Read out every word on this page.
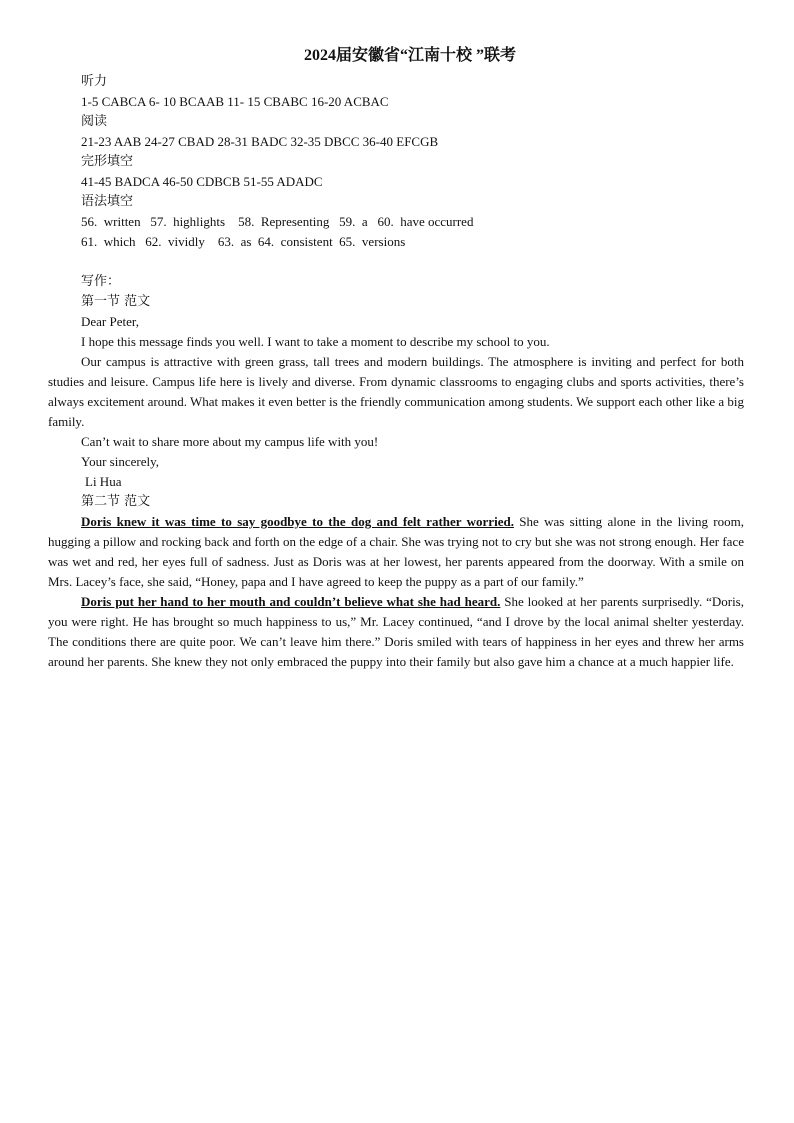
2024届安徽省“江南十校 ”联考
听力
1-5 CABCA 6- 10 BCAAB 11- 15 CBABC 16-20 ACBAC
阅读
21-23 AAB 24-27 CBAD 28-31 BADC 32-35 DBCC 36-40 EFCGB
完形填空
41-45 BADCA 46-50 CDBCB 51-55 ADADC
语法填空
56.  written   57.  highlights    58.  Representing   59.  a   60.  have occurred
61.  which   62.  vividly    63.  as  64.  consistent  65.  versions
写作：
第一节 范文
Dear Peter,

I hope this message finds you well. I want to take a moment to describe my school to you.

Our campus is attractive with green grass, tall trees and modern buildings. The atmosphere is inviting and perfect for both studies and leisure. Campus life here is lively and diverse. From dynamic classrooms to engaging clubs and sports activities, there’s always excitement around. What makes it even better is the friendly communication among students. We support each other like a big family.

Can’t wait to share more about my campus life with you!

Your sincerely,
Li Hua
第二节 范文

Doris knew it was time to say goodbye to the dog and felt rather worried. She was sitting alone in the living room, hugging a pillow and rocking back and forth on the edge of a chair. She was trying not to cry but she was not strong enough. Her face was wet and red, her eyes full of sadness. Just as Doris was at her lowest, her parents appeared from the doorway. With a smile on Mrs. Lacey’s face, she said, “Honey, papa and I have agreed to keep the puppy as a part of our family.”

Doris put her hand to her mouth and couldn’t believe what she had heard. She looked at her parents surprisedly. “Doris, you were right. He has brought so much happiness to us,” Mr. Lacey continued, “and I drove by the local animal shelter yesterday. The conditions there are quite poor. We can’t leave him there.” Doris smiled with tears of happiness in her eyes and threw her arms around her parents. She knew they not only embraced the puppy into their family but also gave him a chance at a much happier life.
